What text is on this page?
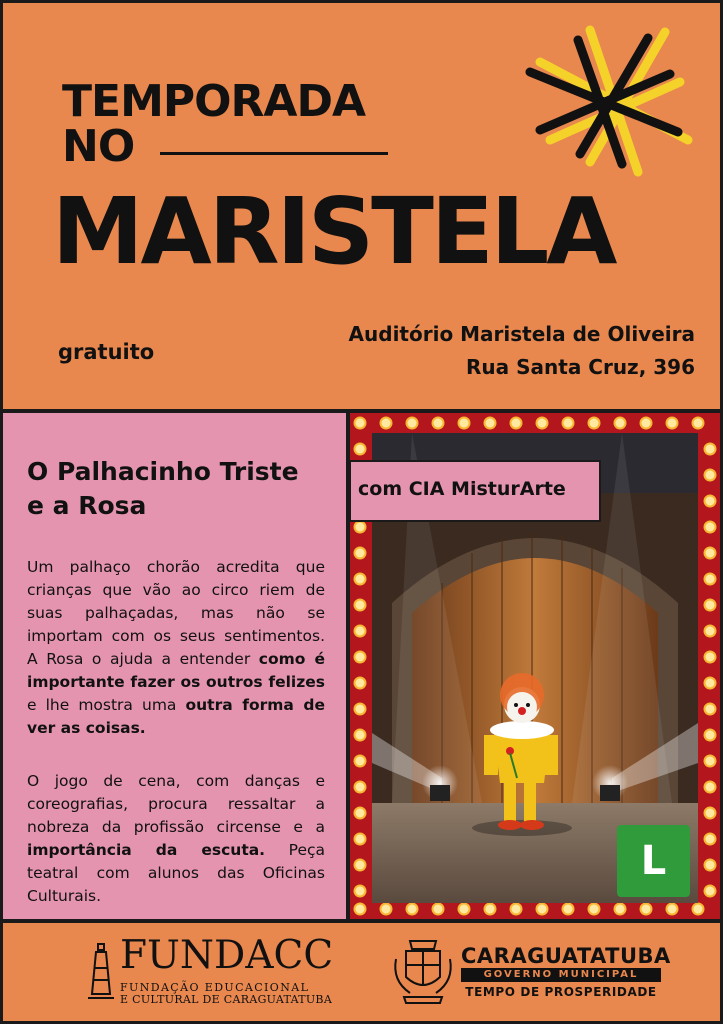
TEMPORADA
NO
MARISTELA
gratuito
Auditório Maristela de Oliveira
Rua Santa Cruz, 396
O Palhacinho Triste
e a Rosa
Um palhaço chorão acredita que crianças que vão ao circo riem de suas palhaçadas, mas não se importam com os seus sentimentos. A Rosa o ajuda a entender como é importante fazer os outros felizes e lhe mostra uma outra forma de ver as coisas.
O jogo de cena, com danças e coreografias, procura ressaltar a nobreza da profissão circense e a importância da escuta. Peça teatral com alunos das Oficinas Culturais.
com CIA MisturArte
L
FUNDACC
FUNDAÇÃO EDUCACIONAL
E CULTURAL DE CARAGUATATUBA
CARAGUATATUBA
GOVERNO MUNICIPAL
TEMPO DE PROSPERIDADE
